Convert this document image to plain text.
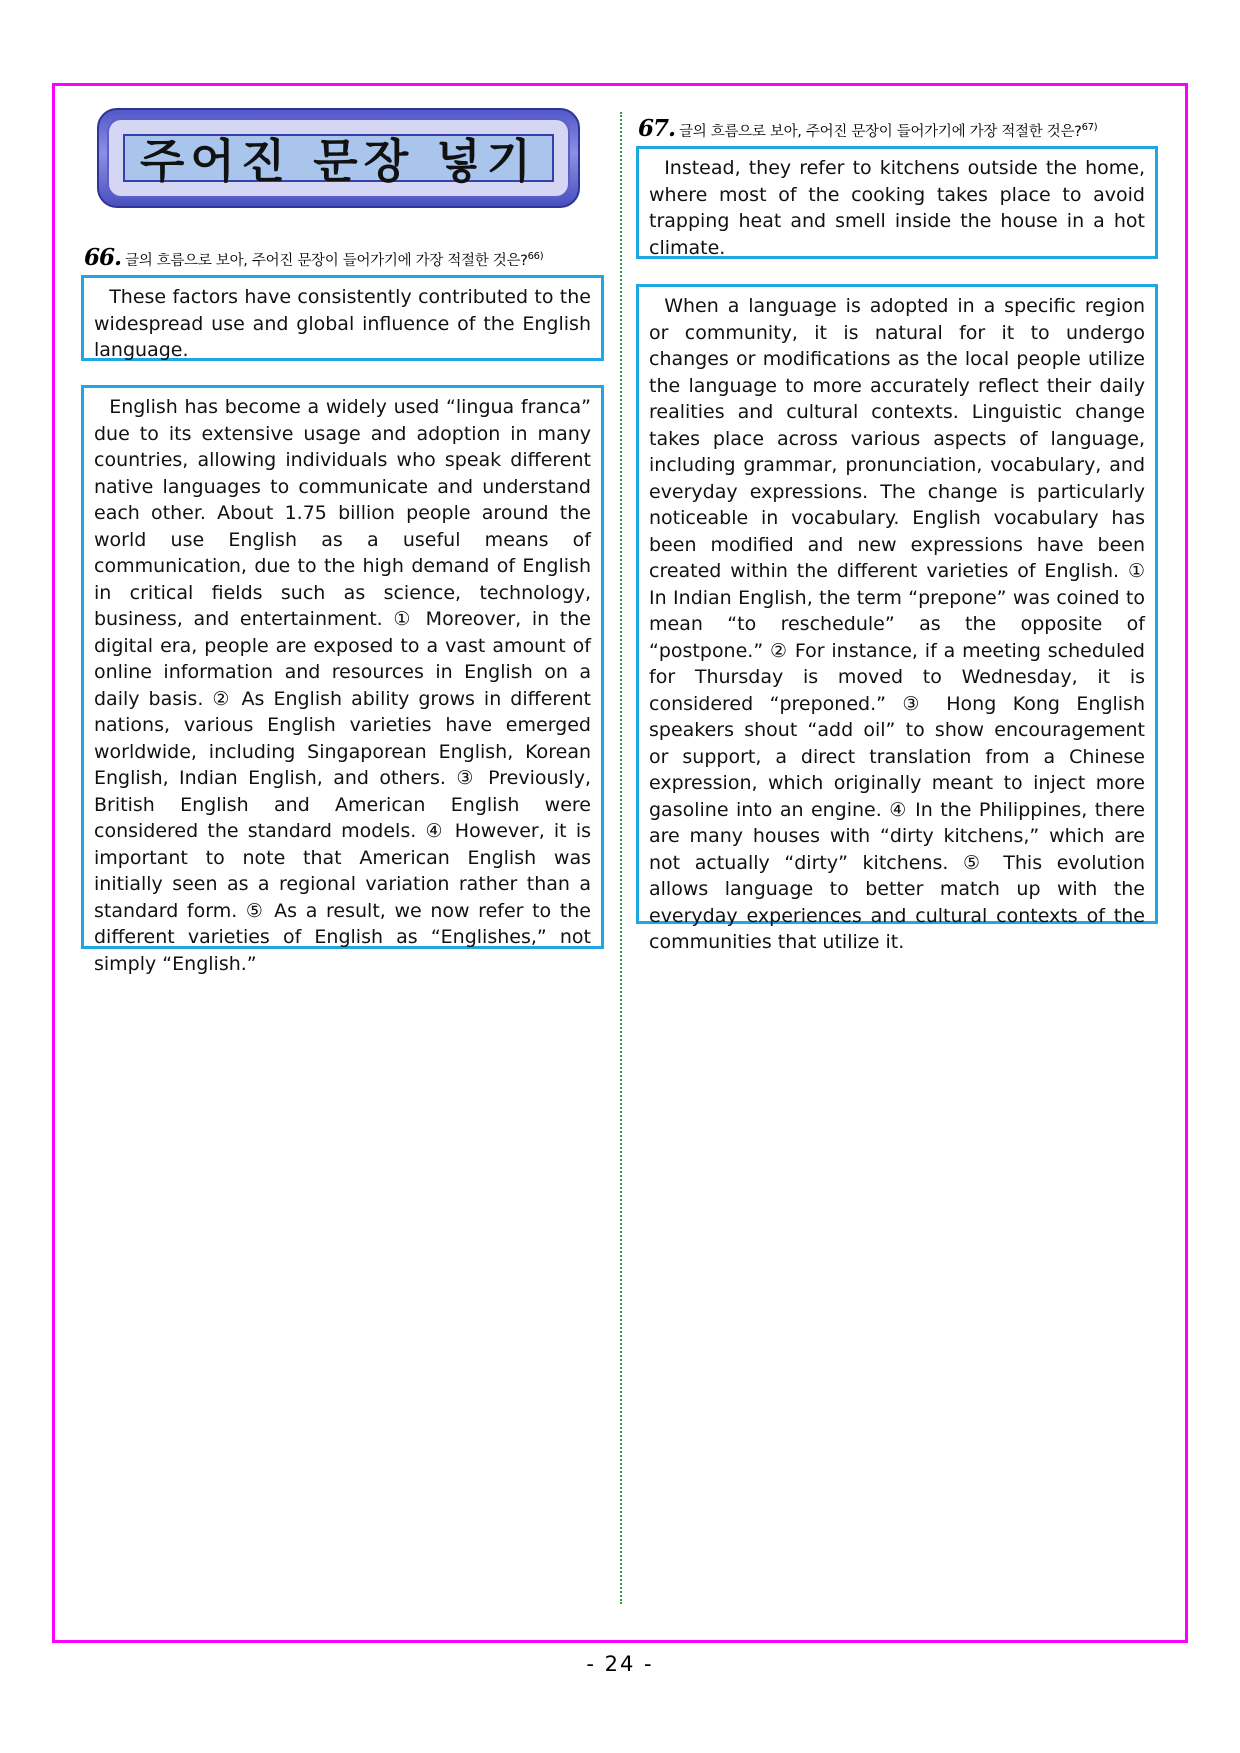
주어진 문장 넣기
66. 글의 흐름으로 보아, 주어진 문장이 들어가기에 가장 적절한 것은?$^{66)}$
These factors have consistently contributed to the widespread use and global influence of the English language.
English has become a widely used “lingua franca” due to its extensive usage and adoption in many countries, allowing individuals who speak different native languages to communicate and understand each other. About 1.75 billion people around the world use English as a useful means of communication, due to the high demand of English in critical fields such as science, technology, business, and entertainment. ① Moreover, in the digital era, people are exposed to a vast amount of online information and resources in English on a daily basis. ② As English ability grows in different nations, various English varieties have emerged worldwide, including Singaporean English, Korean English, Indian English, and others. ③ Previously, British English and American English were considered the standard models. ④ However, it is important to note that American English was initially seen as a regional variation rather than a standard form. ⑤ As a result, we now refer to the different varieties of English as “Englishes,” not simply “English.”
67. 글의 흐름으로 보아, 주어진 문장이 들어가기에 가장 적절한 것은?$^{67)}$
Instead, they refer to kitchens outside the home, where most of the cooking takes place to avoid trapping heat and smell inside the house in a hot climate.
When a language is adopted in a specific region or community, it is natural for it to undergo changes or modifications as the local people utilize the language to more accurately reflect their daily realities and cultural contexts. Linguistic change takes place across various aspects of language, including grammar, pronunciation, vocabulary, and everyday expressions. The change is particularly noticeable in vocabulary. English vocabulary has been modified and new expressions have been created within the different varieties of English. ① In Indian English, the term “prepone” was coined to mean “to reschedule” as the opposite of “postpone.” ② For instance, if a meeting scheduled for Thursday is moved to Wednesday, it is considered “preponed.” ③ Hong Kong English speakers shout “add oil” to show encouragement or support, a direct translation from a Chinese expression, which originally meant to inject more gasoline into an engine. ④ In the Philippines, there are many houses with “dirty kitchens,” which are not actually “dirty” kitchens. ⑤ This evolution allows language to better match up with the everyday experiences and cultural contexts of the communities that utilize it.
- 24 -
